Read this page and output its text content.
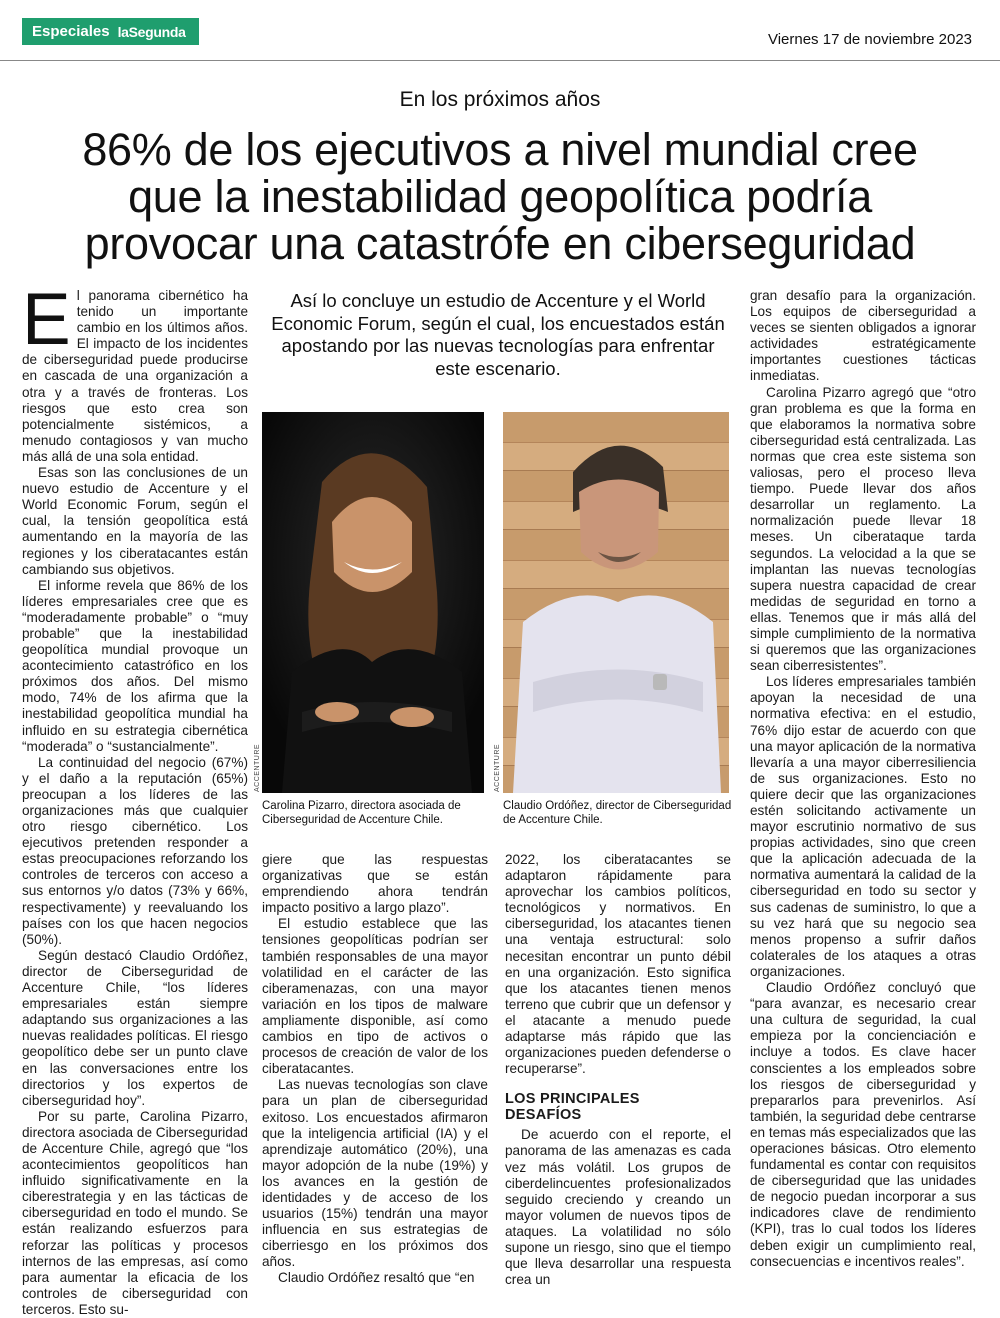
Especiales laSegunda	Viernes 17 de noviembre 2023
En los próximos años
86% de los ejecutivos a nivel mundial cree
que la inestabilidad geopolítica podría
provocar una catastrófe en ciberseguridad

El panorama cibernético ha tenido un importante cambio en los últimos años. El impacto de los incidentes de ciberseguridad puede producirse en cascada de una organización a otra y a través de fronteras. Los riesgos que esto crea son potencialmente sistémicos, a menudo contagiosos y van mucho más allá de una sola entidad.

Esas son las conclusiones de un nuevo estudio de Accenture y el World Economic Forum, según el cual, la tensión geopolítica está aumentando en la mayoría de las regiones y los ciberatacantes están cambiando sus objetivos.

El informe revela que 86% de los líderes empresariales cree que es “moderadamente probable” o “muy probable” que la inestabilidad geopolítica mundial provoque un acontecimiento catastrófico en los próximos dos años. Del mismo modo, 74% de los afirma que la inestabilidad geopolítica mundial ha influido en su estrategia cibernética “moderada” o “sustancialmente”.

La continuidad del negocio (67%) y el daño a la reputación (65%) preocupan a los líderes de las organizaciones más que cualquier otro riesgo cibernético. Los ejecutivos pretenden responder a estas preocupaciones reforzando los controles de terceros con acceso a sus entornos y/o datos (73% y 66%, respectivamente) y reevaluando los países con los que hacen negocios (50%).

Según destacó Claudio Ordóñez, director de Ciberseguridad de Accenture Chile, “los líderes empresariales están siempre adaptando sus organizaciones a las nuevas realidades políticas. El riesgo geopolítico debe ser un punto clave en las conversaciones entre los directorios y los expertos de ciberseguridad hoy”.

Por su parte, Carolina Pizarro, directora asociada de Ciberseguridad de Accenture Chile, agregó que “los acontecimientos geopolíticos han influido significativamente en la ciberestrategia y en las tácticas de ciberseguridad en todo el mundo. Se están realizando esfuerzos para reforzar las políticas y procesos internos de las empresas, así como para aumentar la eficacia de los controles de ciberseguridad con terceros. Esto su-

Así lo concluye un estudio de Accenture y el World Economic Forum, según el cual, los encuestados están apostando por las nuevas tecnologías para enfrentar este escenario.
ACCENTURE
Carolina Pizarro, directora asociada de Ciberseguridad de Accenture Chile.
ACCENTURE
Claudio Ordóñez, director de Ciberseguridad de Accenture Chile.

giere que las respuestas organizativas que se están emprendiendo ahora tendrán impacto positivo a largo plazo”.

El estudio establece que las tensiones geopolíticas podrían ser también responsables de una mayor volatilidad en el carácter de las ciberamenazas, con una mayor variación en los tipos de malware ampliamente disponible, así como cambios en tipo de activos o procesos de creación de valor de los ciberatacantes.

Las nuevas tecnologías son clave para un plan de ciberseguridad exitoso. Los encuestados afirmaron que la inteligencia artificial (IA) y el aprendizaje automático (20%), una mayor adopción de la nube (19%) y los avances en la gestión de identidades y de acceso de los usuarios (15%) tendrán una mayor influencia en sus estrategias de ciberriesgo en los próximos dos años.

Claudio Ordóñez resaltó que “en

2022, los ciberatacantes se adaptaron rápidamente para aprovechar los cambios políticos, tecnológicos y normativos. En ciberseguridad, los atacantes tienen una ventaja estructural: solo necesitan encontrar un punto débil en una organización. Esto significa que los atacantes tienen menos terreno que cubrir que un defensor y el atacante a menudo puede adaptarse más rápido que las organizaciones pueden defenderse o recuperarse”.

LOS PRINCIPALES
DESAFÍOS

De acuerdo con el reporte, el panorama de las amenazas es cada vez más volátil. Los grupos de ciberdelincuentes profesionalizados seguido creciendo y creando un mayor volumen de nuevos tipos de ataques. La volatilidad no sólo supone un riesgo, sino que el tiempo que lleva desarrollar una respuesta crea un

gran desafío para la organización. Los equipos de ciberseguridad a veces se sienten obligados a ignorar actividades estratégicamente importantes cuestiones tácticas inmediatas.

Carolina Pizarro agregó que “otro gran problema es que la forma en que elaboramos la normativa sobre ciberseguridad está centralizada. Las normas que crea este sistema son valiosas, pero el proceso lleva tiempo. Puede llevar dos años desarrollar un reglamento. La normalización puede llevar 18 meses. Un ciberataque tarda segundos. La velocidad a la que se implantan las nuevas tecnologías supera nuestra capacidad de crear medidas de seguridad en torno a ellas. Tenemos que ir más allá del simple cumplimiento de la normativa si queremos que las organizaciones sean ciberresistentes”.

Los líderes empresariales también apoyan la necesidad de una normativa efectiva: en el estudio, 76% dijo estar de acuerdo con que una mayor aplicación de la normativa llevaría a una mayor ciberresiliencia de sus organizaciones. Esto no quiere decir que las organizaciones estén solicitando activamente un mayor escrutinio normativo de sus propias actividades, sino que creen que la aplicación adecuada de la normativa aumentará la calidad de la ciberseguridad en todo su sector y sus cadenas de suministro, lo que a su vez hará que su negocio sea menos propenso a sufrir daños colaterales de los ataques a otras organizaciones.

Claudio Ordóñez concluyó que “para avanzar, es necesario crear una cultura de seguridad, la cual empieza por la concienciación e incluye a todos. Es clave hacer conscientes a los empleados sobre los riesgos de ciberseguridad y prepararlos para prevenirlos. Así también, la seguridad debe centrarse en temas más especializados que las operaciones básicas. Otro elemento fundamental es contar con requisitos de ciberseguridad que las unidades de negocio puedan incorporar a sus indicadores clave de rendimiento (KPI), tras lo cual todos los líderes deben exigir un cumplimiento real, consecuencias e incentivos reales”.
